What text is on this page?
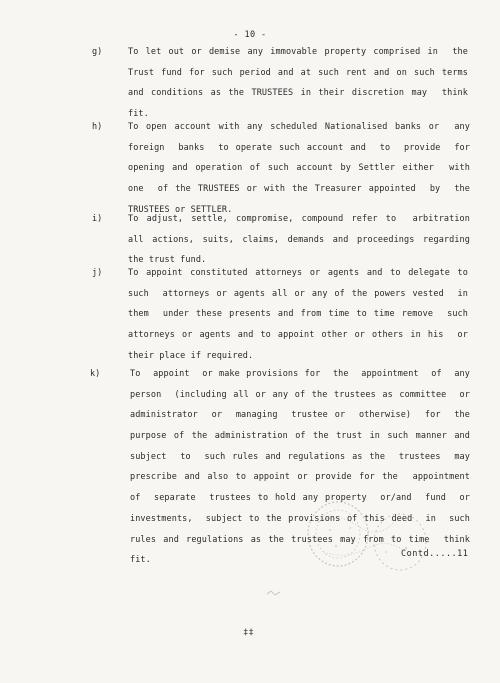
- 10 -
g)	To let out or demise any immovable property comprised in  the
Trust fund for such period and at such rent and on such terms
and conditions as the TRUSTEES in their discretion may  think
fit.
h)	To open account with any scheduled Nationalised banks or  any
foreign  banks  to operate such account and  to  provide  for
opening and operation of such account by Settler either  with
one  of the TRUSTEES or with the Treasurer appointed  by  the
TRUSTEES or SETTLER.
i)	To adjust, settle, compromise, compound refer to  arbitration
all actions, suits, claims, demands and proceedings regarding
the trust fund.
j)	To appoint constituted attorneys or agents and to delegate to
such  attorneys or agents all or any of the powers vested  in
them  under these presents and from time to time remove  such
attorneys or agents and to appoint other or others in his  or
their place if required.
k)	To  appoint  or make provisions for  the  appointment  of  any
person  (including all or any of the trustees as committee  or
administrator  or  managing  trustee or  otherwise)  for  the
purpose of the administration of the trust in such manner and
subject  to  such rules and regulations as the  trustees  may
prescribe and also to appoint or provide for the  appointment
of  separate  trustees to hold any property  or/and  fund  or
investments,  subject to the provisions of this deed  in  such
rules and regulations as the trustees may from to time  think
fit.
Contd.....11
‡‡
